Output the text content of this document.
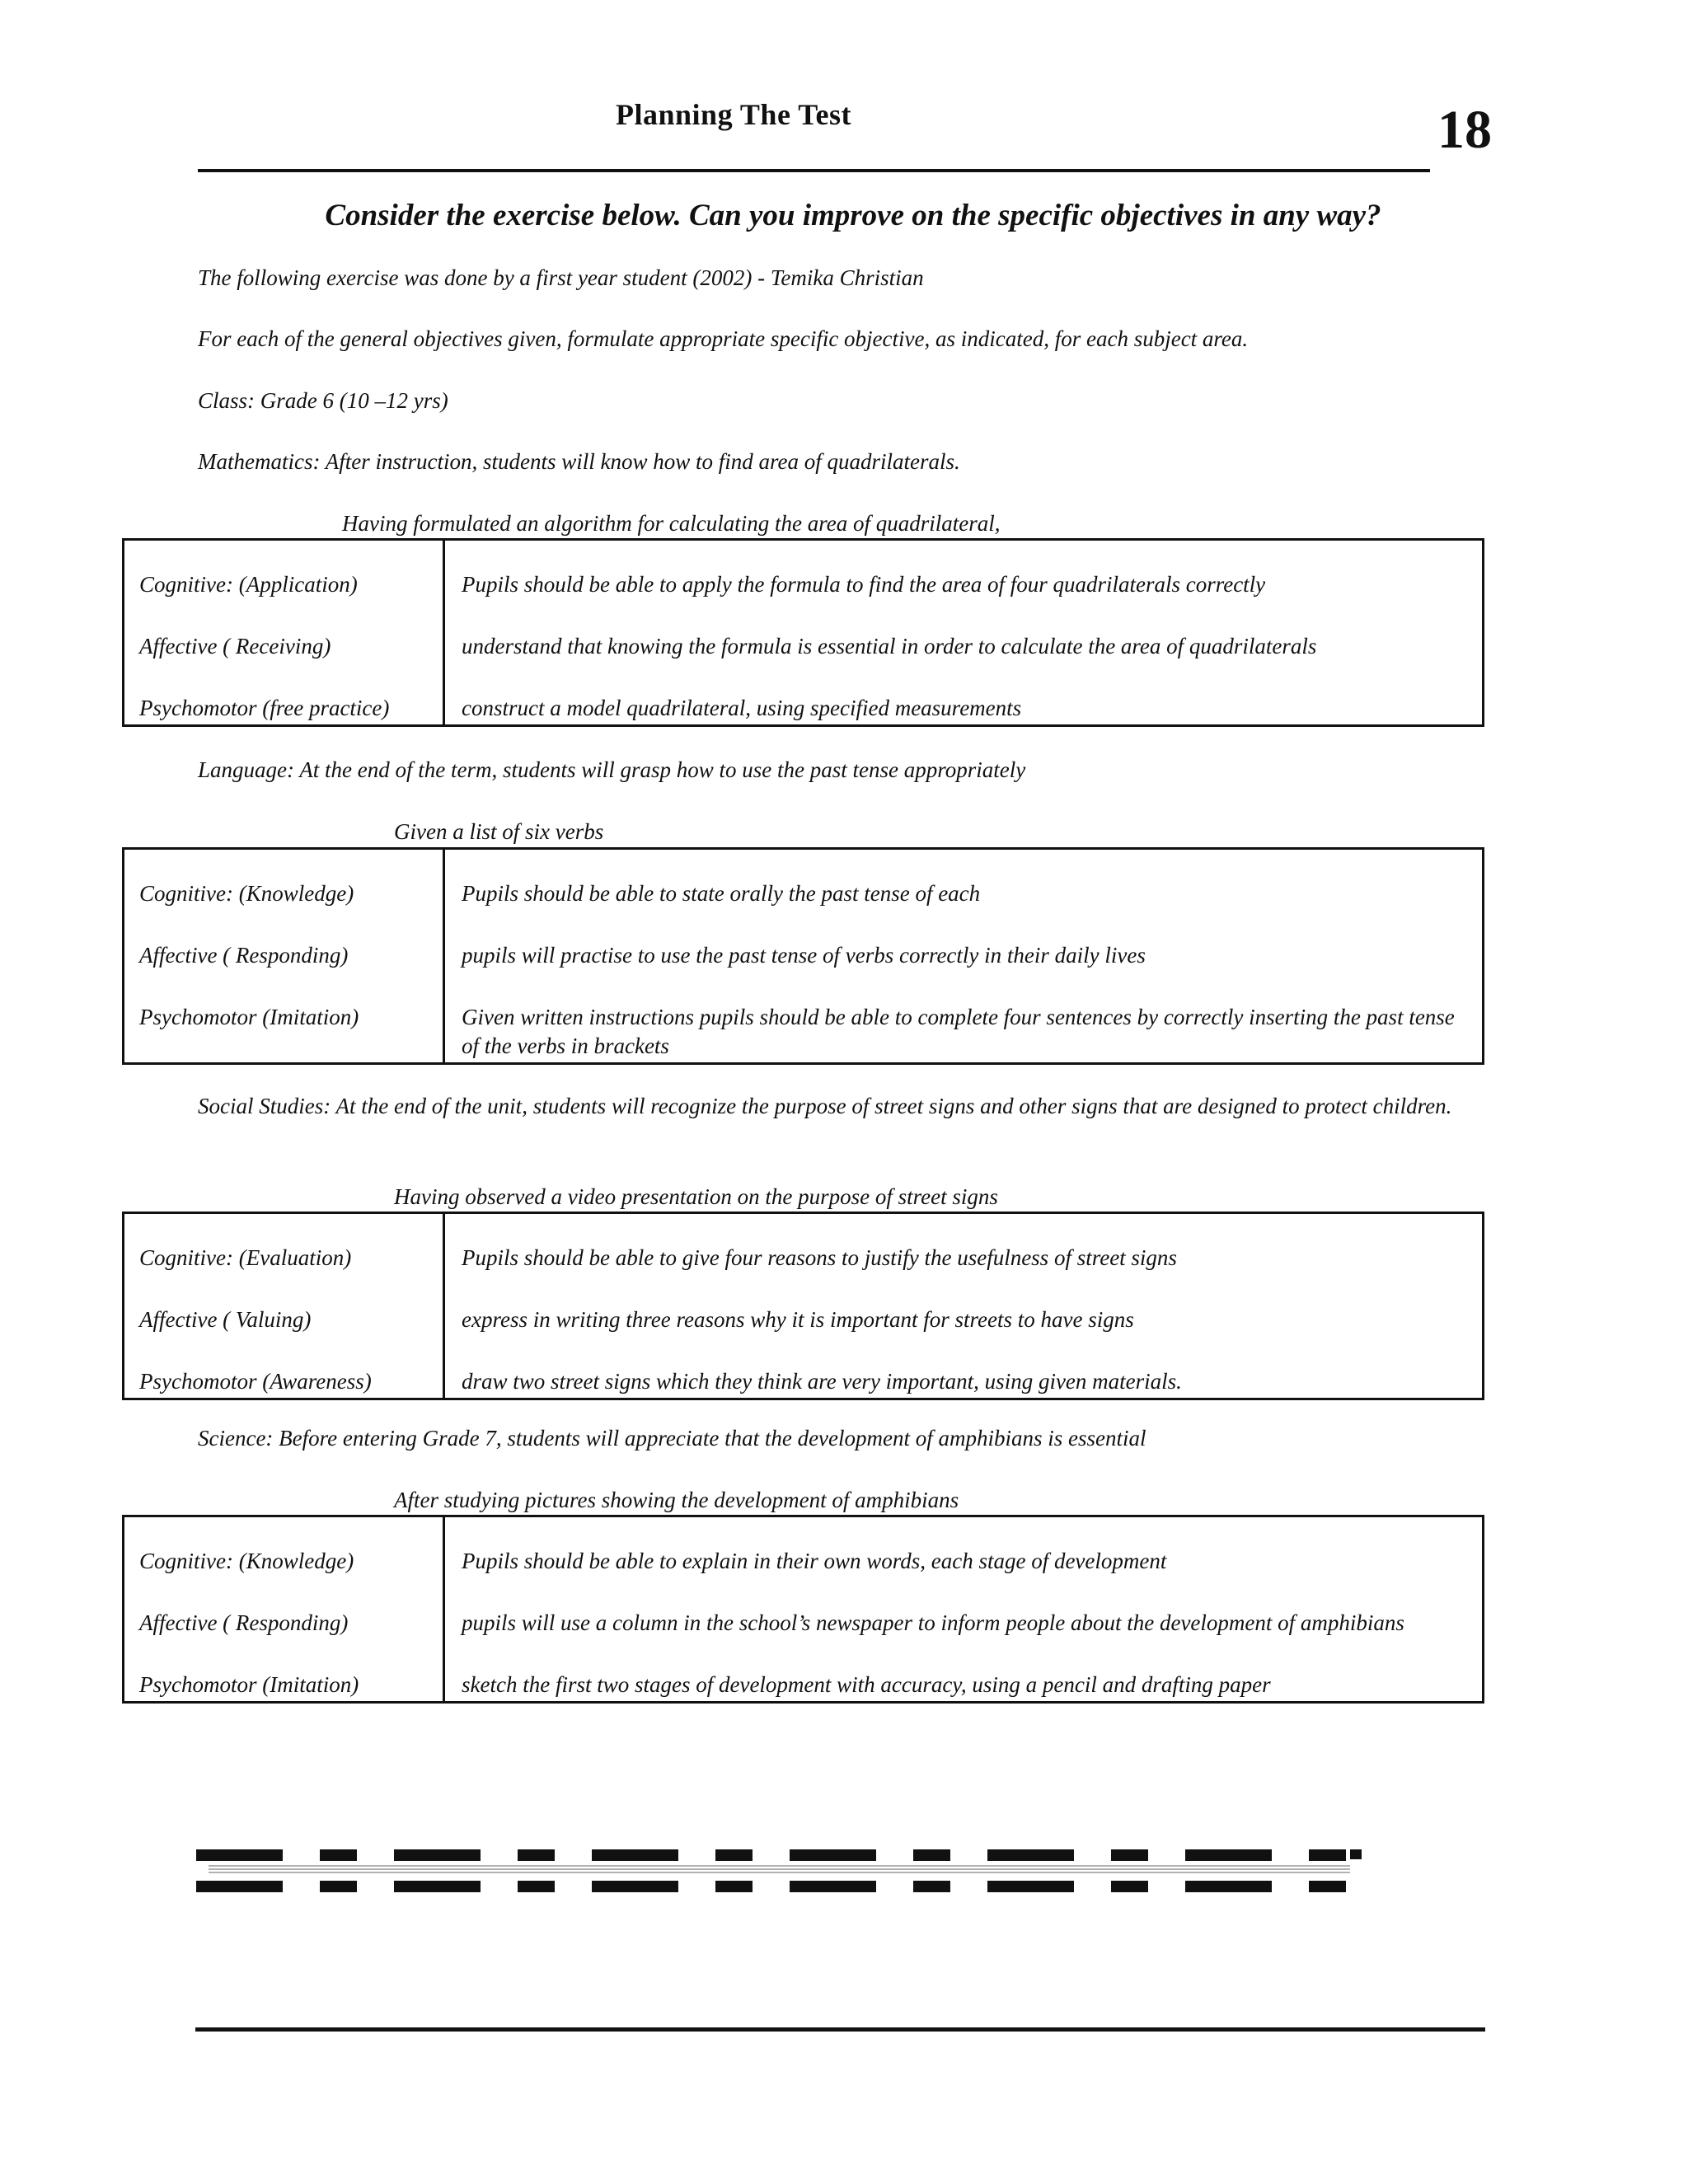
Planning The Test	18
Consider the exercise below. Can you improve on the specific objectives in any way?
The following exercise was done by a first year student (2002) - Temika Christian
For each of the general objectives given, formulate appropriate specific objective, as indicated, for each subject area.
Class: Grade 6 (10 –12 yrs)
Mathematics: After instruction, students will know how to find area of quadrilaterals.
Having formulated an algorithm for calculating the area of quadrilateral,
Cognitive: (Application)	Pupils should be able to apply the formula to find the area of four quadrilaterals correctly
Affective ( Receiving)	understand that knowing the formula is essential in order to calculate the area of quadrilaterals
Psychomotor (free practice)	construct a model quadrilateral, using specified measurements
Language: At the end of the term, students will grasp how to use the past tense appropriately
Given a list of six verbs
Cognitive: (Knowledge)	Pupils should be able to state orally the past tense of each
Affective ( Responding)	pupils will practise to use the past tense of verbs correctly in their daily lives
Psychomotor (Imitation)	Given written instructions pupils should be able to complete four sentences by correctly inserting the past tense of the verbs in brackets
Social Studies: At the end of the unit, students will recognize the purpose of street signs and other signs that are designed to protect children.
Having observed a video presentation on the purpose of street signs
Cognitive: (Evaluation)	Pupils should be able to give four reasons to justify the usefulness of street signs
Affective ( Valuing)	express in writing three reasons why it is important for streets to have signs
Psychomotor (Awareness)	draw two street signs which they think are very important, using given materials.
Science: Before entering Grade 7, students will appreciate that the development of amphibians is essential
After studying pictures showing the development of amphibians
Cognitive: (Knowledge)	Pupils should be able to explain in their own words, each stage of development
Affective ( Responding)	pupils will use a column in the school’s newspaper to inform people about the development of amphibians
Psychomotor (Imitation)	sketch the first two stages of development with accuracy, using a pencil and drafting paper
